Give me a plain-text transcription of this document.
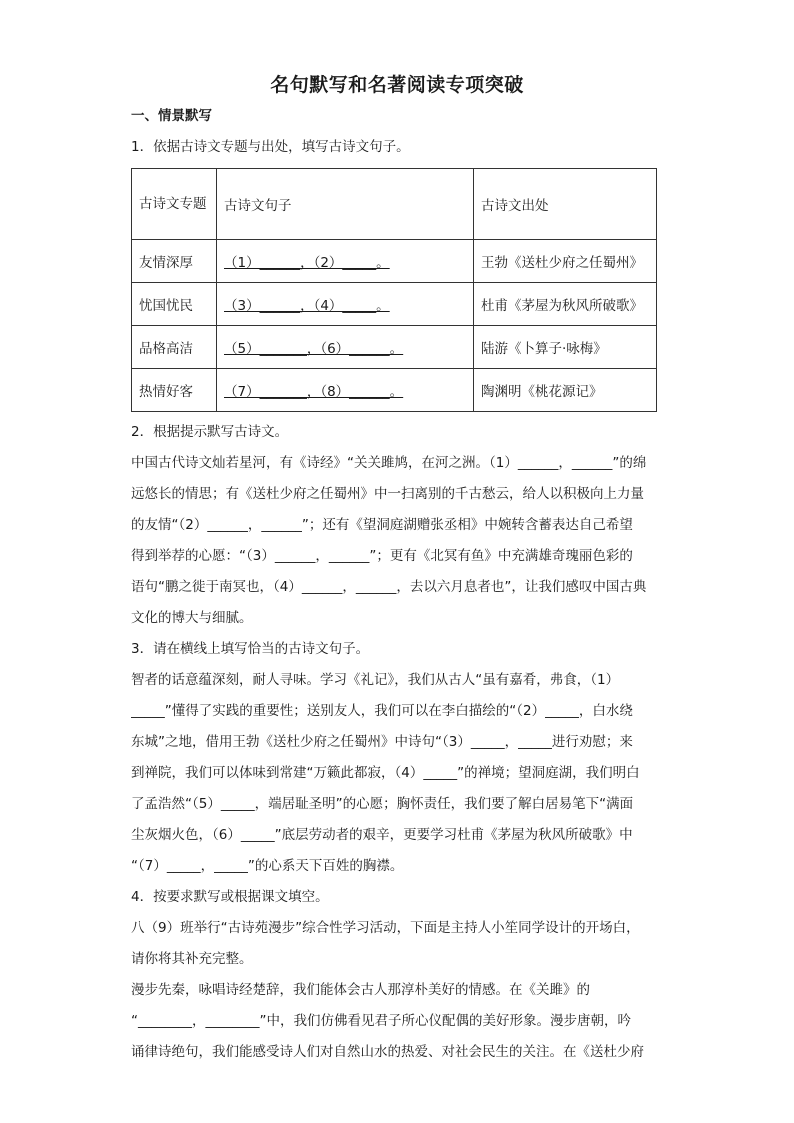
名句默写和名著阅读专项突破
一、情景默写
1．依据古诗文专题与出处，填写古诗文句子。
古诗文专题	古诗文句子	古诗文出处
友情深厚	（1）______，（2）_____。	王勃《送杜少府之任蜀州》
忧国忧民	（3）______，（4）_____。	杜甫《茅屋为秋风所破歌》
品格高洁	（5）_______，（6）______。	陆游《卜算子·咏梅》
热情好客	（7）_______，（8）______。	陶渊明《桃花源记》
2．根据提示默写古诗文。
中国古代诗文灿若星河，有《诗经》“关关雎鸠，在河之洲。（1）______，______”的绵
远悠长的情思；有《送杜少府之任蜀州》中一扫离别的千古愁云，给人以积极向上力量
的友情“（2）______，______”；还有《望洞庭湖赠张丞相》中婉转含蓄表达自己希望
得到举荐的心愿：“（3）______，______”；更有《北冥有鱼》中充满雄奇瑰丽色彩的
语句“鹏之徙于南冥也，（4）______，______，去以六月息者也”，让我们感叹中国古典
文化的博大与细腻。
3．请在横线上填写恰当的古诗文句子。
智者的话意蕴深刻，耐人寻味。学习《礼记》，我们从古人“虽有嘉肴，弗食，（1）
_____”懂得了实践的重要性；送别友人，我们可以在李白描绘的“（2）_____，白水绕
东城”之地，借用王勃《送杜少府之任蜀州》中诗句“（3）_____，_____进行劝慰；来
到禅院，我们可以体味到常建“万籁此都寂，（4）_____”的禅境；望洞庭湖，我们明白
了孟浩然“（5）_____，端居耻圣明”的心愿；胸怀责任，我们要了解白居易笔下“满面
尘灰烟火色，（6）_____”底层劳动者的艰辛，更要学习杜甫《茅屋为秋风所破歌》中
“（7）_____，_____”的心系天下百姓的胸襟。
4．按要求默写或根据课文填空。
八（9）班举行“古诗苑漫步”综合性学习活动，下面是主持人小笙同学设计的开场白，
请你将其补充完整。
漫步先秦，咏唱诗经楚辞，我们能体会古人那淳朴美好的情感。在《关雎》的
“________，________”中，我们仿佛看见君子所心仪配偶的美好形象。漫步唐朝，吟
诵律诗绝句，我们能感受诗人们对自然山水的热爱、对社会民生的关注。在《送杜少府
